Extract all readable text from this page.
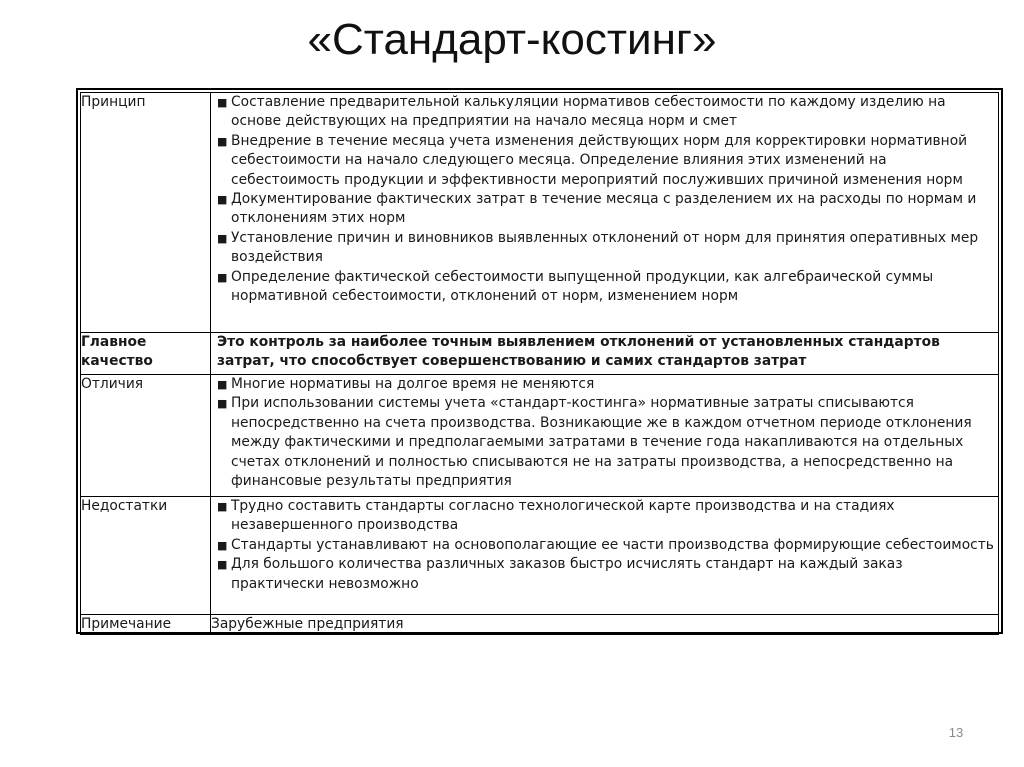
«Стандарт-костинг»
Принцип	■ Составление предварительной калькуляции нормативов себестоимости по каждому изделию на основе действующих на предприятии на начало месяца норм и смет
■ Внедрение в течение месяца учета изменения действующих норм для корректировки нормативной себестоимости на начало следующего месяца. Определение влияния этих изменений на себестоимость продукции и эффективности мероприятий послуживших причиной изменения норм
■ Документирование фактических затрат в течение месяца с разделением их на расходы по нормам и отклонениям этих норм
■ Установление причин и виновников выявленных отклонений от норм для принятия оперативных мер воздействия
■ Определение фактической себестоимости выпущенной продукции, как алгебраической суммы нормативной себестоимости, отклонений от норм, изменением норм

Главное качество	Это контроль за наиболее точным выявлением отклонений от установленных стандартов затрат, что способствует совершенствованию и самих стандартов затрат
Отличия	■ Многие нормативы на долгое время не меняются
■ При использовании системы учета «стандарт-костинга» нормативные затраты списываются непосредственно на счета производства. Возникающие же в каждом отчетном периоде отклонения между фактическими и предполагаемыми затратами в течение года накапливаются на отдельных счетах отклонений и полностью списываются не на затраты производства, а непосредственно на финансовые результаты предприятия

Недостатки	■ Трудно составить стандарты согласно технологической карте производства и на стадиях незавершенного производства
■ Стандарты устанавливают на основополагающие ее части производства формирующие себестоимость
■ Для большого количества различных заказов быстро исчислять стандарт на каждый заказ практически невозможно

Примечание	Зарубежные предприятия
13
